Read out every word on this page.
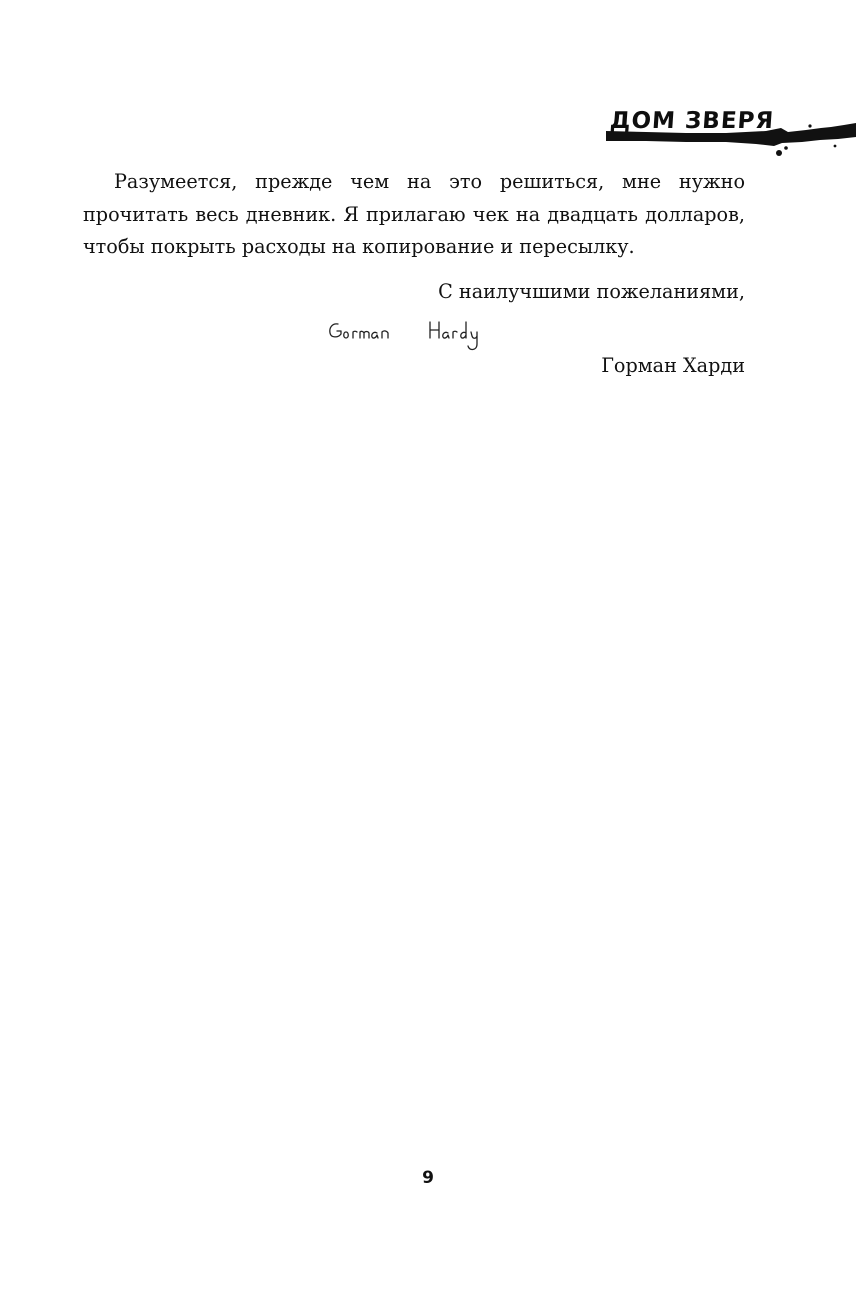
ДОМ ЗВЕРЯ

Разумеется, прежде чем на это решиться, мне нужно прочитать весь дневник. Я прилагаю чек на двадцать долларов, чтобы покрыть расходы на копирование и пересылку.

С наилучшими пожеланиями,
Горман Харди
9
